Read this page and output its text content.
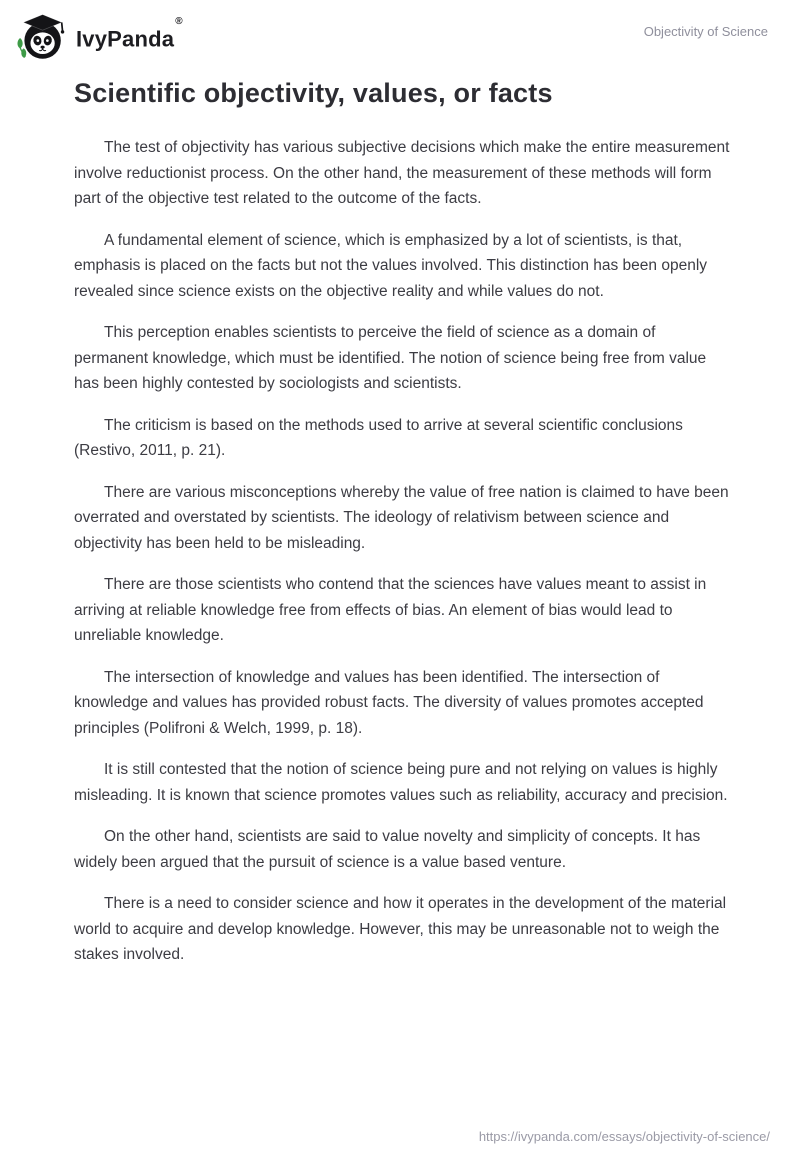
IvyPanda®
Objectivity of Science
Scientific objectivity, values, or facts

The test of objectivity has various subjective decisions which make the entire measurement involve reductionist process. On the other hand, the measurement of these methods will form part of the objective test related to the outcome of the facts.

A fundamental element of science, which is emphasized by a lot of scientists, is that, emphasis is placed on the facts but not the values involved. This distinction has been openly revealed since science exists on the objective reality and while values do not.

This perception enables scientists to perceive the field of science as a domain of permanent knowledge, which must be identified. The notion of science being free from value has been highly contested by sociologists and scientists.

The criticism is based on the methods used to arrive at several scientific conclusions (Restivo, 2011, p. 21).

There are various misconceptions whereby the value of free nation is claimed to have been overrated and overstated by scientists. The ideology of relativism between science and objectivity has been held to be misleading.

There are those scientists who contend that the sciences have values meant to assist in arriving at reliable knowledge free from effects of bias. An element of bias would lead to unreliable knowledge.

The intersection of knowledge and values has been identified. The intersection of knowledge and values has provided robust facts. The diversity of values promotes accepted principles (Polifroni & Welch, 1999, p. 18).

It is still contested that the notion of science being pure and not relying on values is highly misleading. It is known that science promotes values such as reliability, accuracy and precision.

On the other hand, scientists are said to value novelty and simplicity of concepts. It has widely been argued that the pursuit of science is a value based venture.

There is a need to consider science and how it operates in the development of the material world to acquire and develop knowledge. However, this may be unreasonable not to weigh the stakes involved.

https://ivypanda.com/essays/objectivity-of-science/
